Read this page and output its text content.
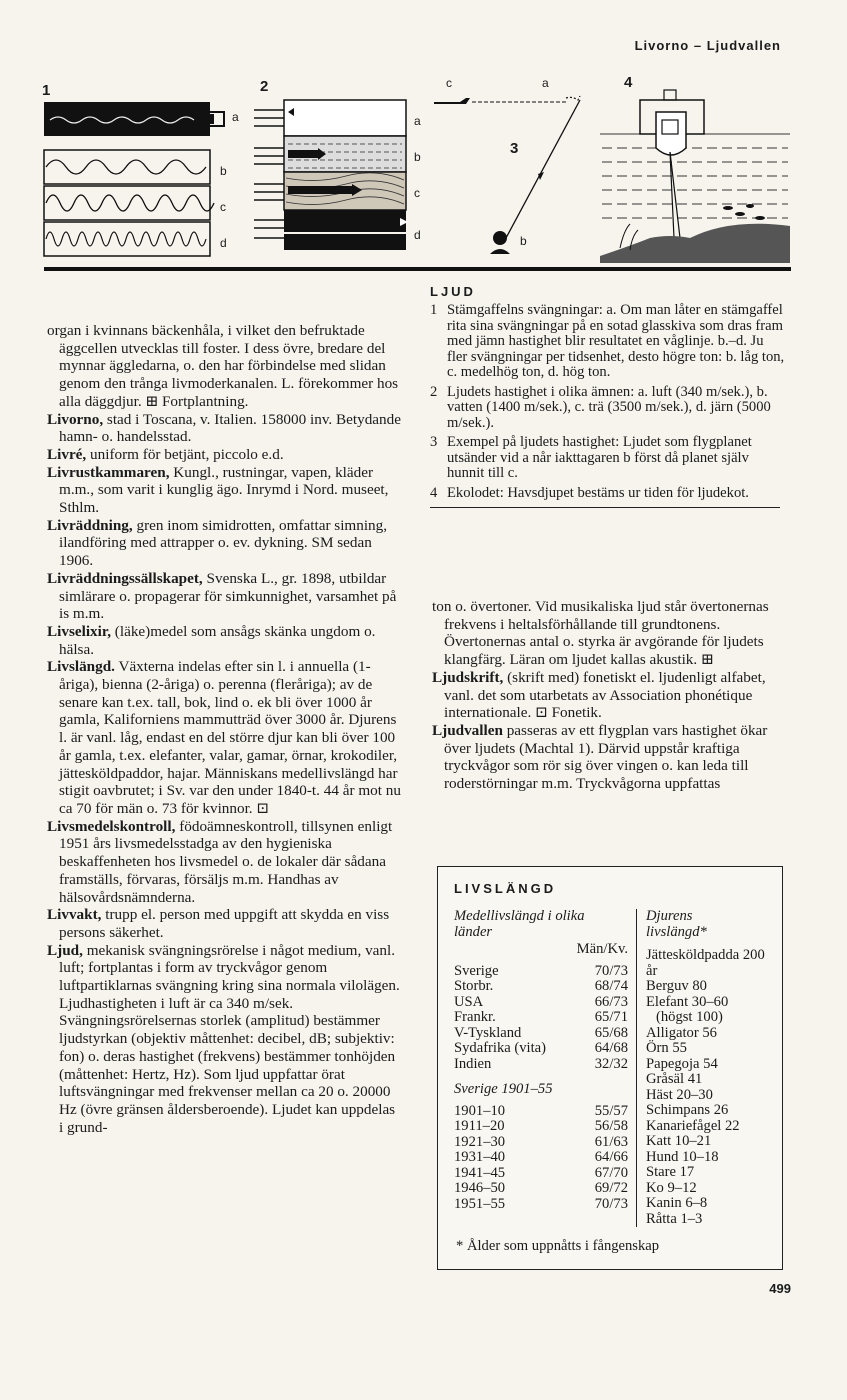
Livorno – Ljudvallen
1	2
3
4
a
b
c
d
a
b
c
d
c	a
b
LJUD
1 Stämgaffelns svängningar: a. Om man låter en stämgaffel rita sina svängningar på en sotad glasskiva som dras fram med jämn hastighet blir resultatet en våglinje. b.–d. Ju fler svängningar per tidsenhet, desto högre ton: b. låg ton, c. medelhög ton, d. hög ton.
2 Ljudets hastighet i olika ämnen: a. luft (340 m/sek.), b. vatten (1400 m/sek.), c. trä (3500 m/sek.), d. järn (5000 m/sek.).
3 Exempel på ljudets hastighet: Ljudet som flygplanet utsänder vid a når iakttagaren b först då planet själv hunnit till c.
4 Ekolodet: Havsdjupet bestäms ur tiden för ljudekot.

organ i kvinnans bäckenhåla, i vilket den befruktade äggcellen utvecklas till foster. I dess övre, bredare del mynnar äggledarna, o. den har förbindelse med slidan genom den trånga livmoderkanalen. L. förekommer hos alla däggdjur. ⊞ Fortplantning.

Livorno, stad i Toscana, v. Italien. 158000 inv. Betydande hamn- o. handelsstad.

Livré, uniform för betjänt, piccolo e.d.

Livrustkammaren, Kungl., rustningar, vapen, kläder m.m., som varit i kunglig ägo. Inrymd i Nord. museet, Sthlm.

Livräddning, gren inom simidrotten, omfattar simning, ilandföring med attrapper o. ev. dykning. SM sedan 1906.

Livräddningssällskapet, Svenska L., gr. 1898, utbildar simlärare o. propagerar för simkunnighet, varsamhet på is m.m.

Livselixir, (läke)medel som ansågs skänka ungdom o. hälsa.

Livslängd. Växterna indelas efter sin l. i annuella (1-åriga), bienna (2-åriga) o. perenna (fleråriga); av de senare kan t.ex. tall, bok, lind o. ek bli över 1000 år gamla, Kaliforniens mammutträd över 3000 år. Djurens l. är vanl. låg, endast en del större djur kan bli över 100 år gamla, t.ex. elefanter, valar, gamar, örnar, krokodiler, jättesköldpaddor, hajar. Människans medellivslängd har stigit oavbrutet; i Sv. var den under 1840-t. 44 år mot nu ca 70 för män o. 73 för kvinnor. ⊡

Livsmedelskontroll, födoämneskontroll, tillsynen enligt 1951 års livsmedelsstadga av den hygieniska beskaffenheten hos livsmedel o. de lokaler där sådana framställs, förvaras, försäljs m.m. Handhas av hälsovårdsnämnderna.

Livvakt, trupp el. person med uppgift att skydda en viss persons säkerhet.

Ljud, mekanisk svängningsrörelse i något medium, vanl. luft; fortplantas i form av tryckvågor genom luftpartiklarnas svängning kring sina normala vilolägen. Ljudhastigheten i luft är ca 340 m/sek. Svängningsrörelsernas storlek (amplitud) bestämmer ljudstyrkan (objektiv måttenhet: decibel, dB; subjektiv: fon) o. deras hastighet (frekvens) bestämmer tonhöjden (måttenhet: Hertz, Hz). Som ljud uppfattar örat luftsvängningar med frekvenser mellan ca 20 o. 20000 Hz (övre gränsen åldersberoende). Ljudet kan uppdelas i grund-

ton o. övertoner. Vid musikaliska ljud står övertonernas frekvens i heltalsförhållande till grundtonens. Övertonernas antal o. styrka är avgörande för ljudets klangfärg. Läran om ljudet kallas akustik. ⊞

Ljudskrift, (skrift med) fonetiskt el. ljudenligt alfabet, vanl. det som utarbetats av Association phonétique internationale. ⊡ Fonetik.

Ljudvallen passeras av ett flygplan vars hastighet ökar över ljudets (Machtal 1). Därvid uppstår kraftiga tryckvågor som rör sig över vingen o. kan leda till roderstörningar m.m. Tryckvågorna uppfattas

LIVSLÄNGD
Medellivslängd i olika länder
Män/Kv.
Sverige	70/73
Storbr.	68/74
USA	66/73
Frankr.	65/71
V-Tyskland	65/68
Sydafrika (vita)	64/68
Indien	32/32
Sverige 1901–55
1901–10	55/57
1911–20	56/58
1921–30	61/63
1931–40	64/66
1941–45	67/70
1946–50	69/72
1951–55	70/73
Djurens livslängd*
Jättesköldpadda 200 år
Berguv 80
Elefant 30–60
(högst 100)
Alligator 56
Örn 55
Papegoja 54
Gråsäl 41
Häst 20–30
Schimpans 26
Kanariefågel 22
Katt 10–21
Hund 10–18
Stare 17
Ko 9–12
Kanin 6–8
Råtta 1–3
* Ålder som uppnåtts i fångenskap
499
